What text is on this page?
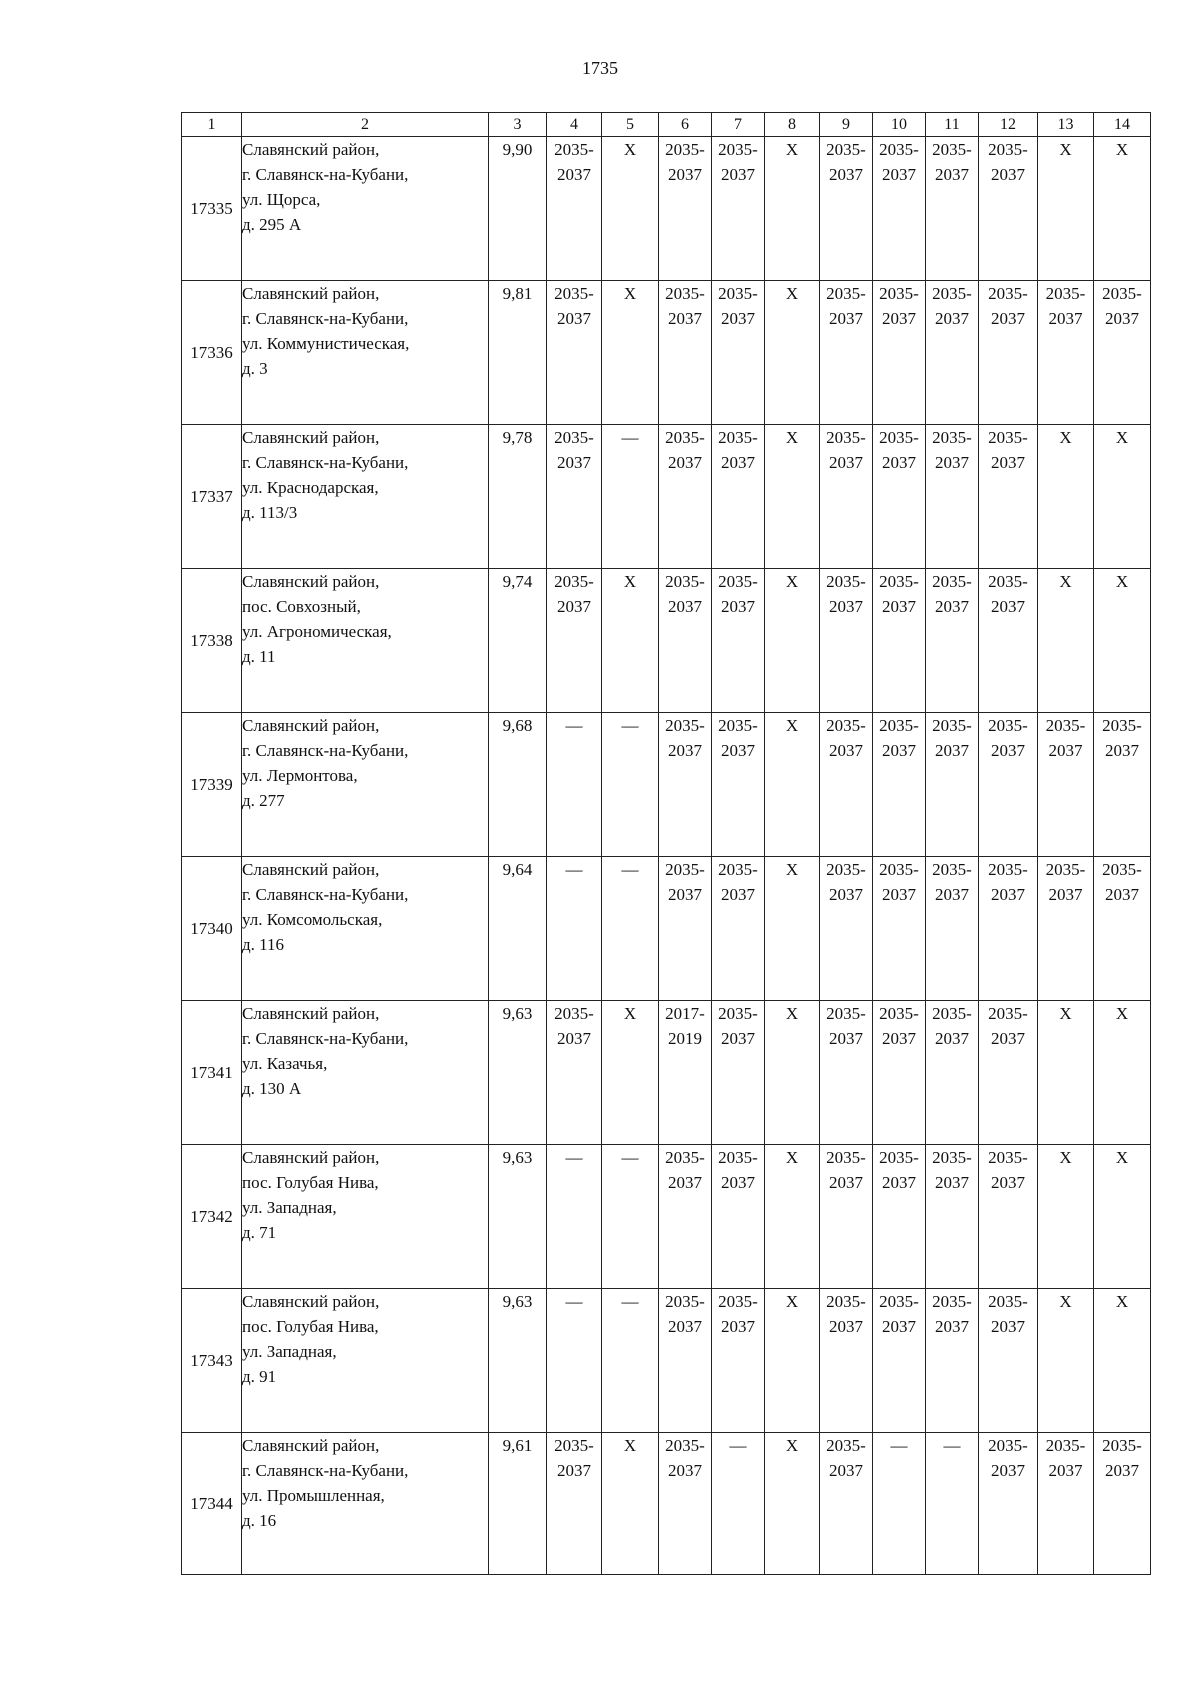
1735
1	2	3	4	5	6	7	8	9	10	11	12	13	14
17335	Славянский район,
г. Славянск-на-Кубани,
ул. Щорса,
д. 295 А	9,90	2035-
2037	Х	2035-
2037	2035-
2037	Х	2035-
2037	2035-
2037	2035-
2037	2035-
2037	Х	Х

17336	Славянский район,
г. Славянск-на-Кубани,
ул. Коммунистическая,
д. 3	9,81	2035-
2037	Х	2035-
2037	2035-
2037	Х	2035-
2037	2035-
2037	2035-
2037	2035-
2037	2035-
2037	2035-
2037

17337	Славянский район,
г. Славянск-на-Кубани,
ул. Краснодарская,
д. 113/3	9,78	2035-
2037	—	2035-
2037	2035-
2037	Х	2035-
2037	2035-
2037	2035-
2037	2035-
2037	Х	Х

17338	Славянский район,
пос. Совхозный,
ул. Агрономическая,
д. 11	9,74	2035-
2037	Х	2035-
2037	2035-
2037	Х	2035-
2037	2035-
2037	2035-
2037	2035-
2037	Х	Х

17339	Славянский район,
г. Славянск-на-Кубани,
ул. Лермонтова,
д. 277	9,68	—	—	2035-
2037	2035-
2037	Х	2035-
2037	2035-
2037	2035-
2037	2035-
2037	2035-
2037	2035-
2037

17340	Славянский район,
г. Славянск-на-Кубани,
ул. Комсомольская,
д. 116	9,64	—	—	2035-
2037	2035-
2037	Х	2035-
2037	2035-
2037	2035-
2037	2035-
2037	2035-
2037	2035-
2037

17341	Славянский район,
г. Славянск-на-Кубани,
ул. Казачья,
д. 130 А	9,63	2035-
2037	Х	2017-
2019	2035-
2037	Х	2035-
2037	2035-
2037	2035-
2037	2035-
2037	Х	Х

17342	Славянский район,
пос. Голубая Нива,
ул. Западная,
д. 71	9,63	—	—	2035-
2037	2035-
2037	Х	2035-
2037	2035-
2037	2035-
2037	2035-
2037	Х	Х

17343	Славянский район,
пос. Голубая Нива,
ул. Западная,
д. 91	9,63	—	—	2035-
2037	2035-
2037	Х	2035-
2037	2035-
2037	2035-
2037	2035-
2037	Х	Х

17344	Славянский район,
г. Славянск-на-Кубани,
ул. Промышленная,
д. 16	9,61	2035-
2037	Х	2035-
2037	—	Х	2035-
2037	—	—	2035-
2037	2035-
2037	2035-
2037
